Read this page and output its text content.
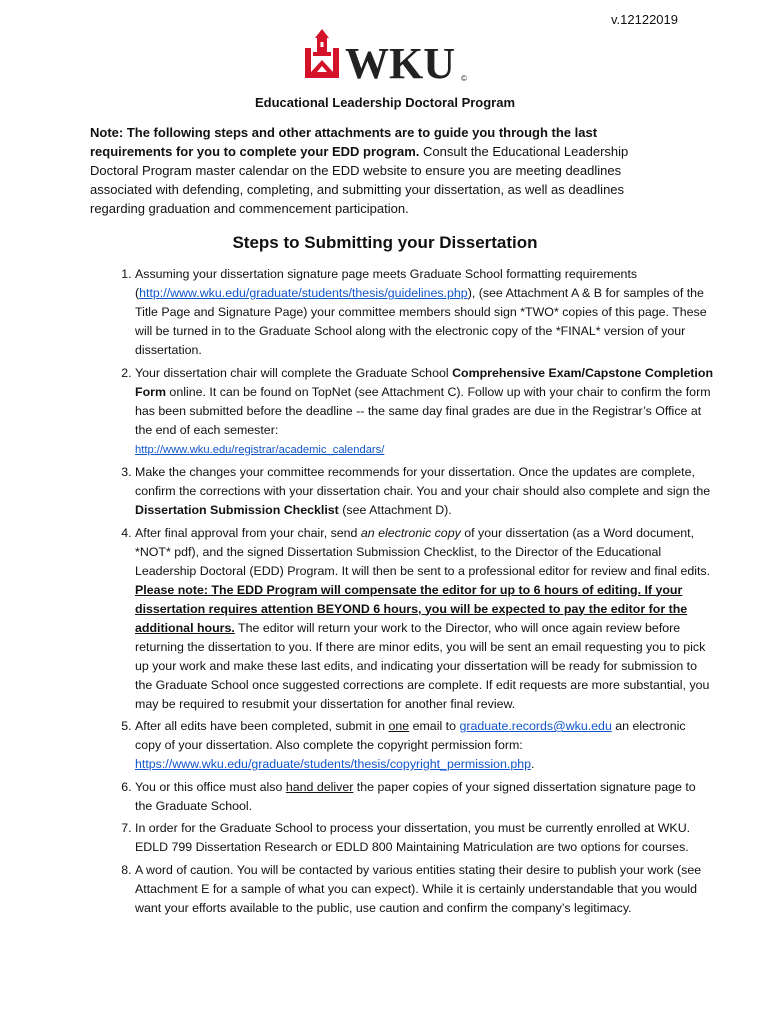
v.12122019
WKU ©
Educational Leadership Doctoral Program

Note: The following steps and other attachments are to guide you through the last requirements for you to complete your EDD program. Consult the Educational Leadership Doctoral Program master calendar on the EDD website to ensure you are meeting deadlines associated with defending, completing, and submitting your dissertation, as well as deadlines regarding graduation and commencement participation.

Steps to Submitting your Dissertation
1. Assuming your dissertation signature page meets Graduate School formatting requirements (http://www.wku.edu/graduate/students/thesis/guidelines.php), (see Attachment A & B for samples of the Title Page and Signature Page) your committee members should sign *TWO* copies of this page. These will be turned in to the Graduate School along with the electronic copy of the *FINAL* version of your dissertation.
2. Your dissertation chair will complete the Graduate School Comprehensive Exam/Capstone Completion Form online. It can be found on TopNet (see Attachment C). Follow up with your chair to confirm the form has been submitted before the deadline -- the same day final grades are due in the Registrar’s Office at the end of each semester:
http://www.wku.edu/registrar/academic_calendars/
3. Make the changes your committee recommends for your dissertation. Once the updates are complete, confirm the corrections with your dissertation chair. You and your chair should also complete and sign the Dissertation Submission Checklist (see Attachment D).
4. After final approval from your chair, send an electronic copy of your dissertation (as a Word document, *NOT* pdf), and the signed Dissertation Submission Checklist, to the Director of the Educational Leadership Doctoral (EDD) Program. It will then be sent to a professional editor for review and final edits. Please note: The EDD Program will compensate the editor for up to 6 hours of editing. If your dissertation requires attention BEYOND 6 hours, you will be expected to pay the editor for the additional hours. The editor will return your work to the Director, who will once again review before returning the dissertation to you. If there are minor edits, you will be sent an email requesting you to pick up your work and make these last edits, and indicating your dissertation will be ready for submission to the Graduate School once suggested corrections are complete. If edit requests are more substantial, you may be required to resubmit your dissertation for another final review.
5. After all edits have been completed, submit in one email to graduate.records@wku.edu an electronic copy of your dissertation. Also complete the copyright permission form: https://www.wku.edu/graduate/students/thesis/copyright_permission.php.
6. You or this office must also hand deliver the paper copies of your signed dissertation signature page to the Graduate School.
7. In order for the Graduate School to process your dissertation, you must be currently enrolled at WKU. EDLD 799 Dissertation Research or EDLD 800 Maintaining Matriculation are two options for courses.
8. A word of caution. You will be contacted by various entities stating their desire to publish your work (see Attachment E for a sample of what you can expect). While it is certainly understandable that you would want your efforts available to the public, use caution and confirm the company’s legitimacy.
